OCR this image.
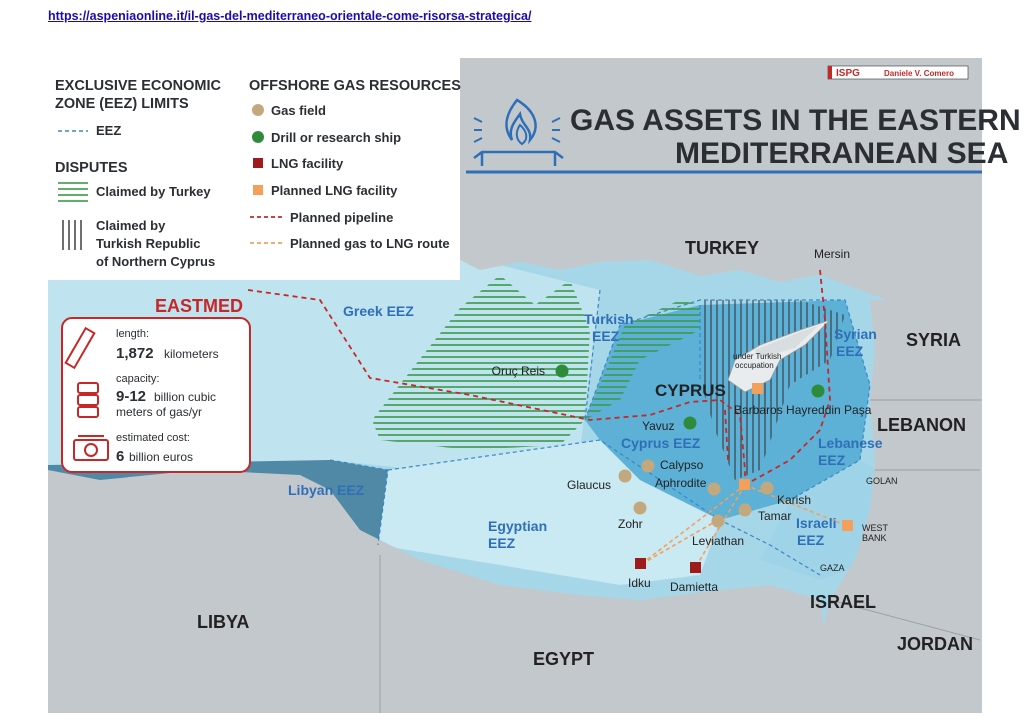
https://aspeniaonline.it/il-gas-del-mediterraneo-orientale-come-risorsa-strategica/
Oruç Reis
Yavuz
Barbaros Hayreddin Paşa
Calypso
Glaucus	Aphrodite
Karish
Tamar
Zohr
Leviathan
Idku Damietta
TURKEY
SYRIA
LEBANON
CYPRUS
ISRAEL
JORDAN
EGYPT
LIBYA
Greek EEZ	Turkish
EEZ	Syrian
EEZ
Cyprus EEZ	Lebanese
EEZ
Israeli
EEZ
Egyptian
EEZ
Libyan EEZ
Mersin
under Turkish
occupation
GOLAN
WEST
BANK
GAZA
GAS ASSETS IN THE EASTERN
MEDITERRANEAN SEA
ISPG	Daniele V. Comero
EXCLUSIVE ECONOMIC
ZONE (EEZ) LIMITS
EEZ
DISPUTES
Claimed by Turkey
Claimed by
Turkish Republic
of Northern Cyprus
OFFSHORE GAS RESOURCES
Gas field
Drill or research ship
LNG facility
Planned LNG facility
Planned pipeline
Planned gas to LNG route
EASTMED
length:
1,872 kilometers
capacity:
9-12 billion cubic
meters of gas/yr
estimated cost:
6 billion euros
